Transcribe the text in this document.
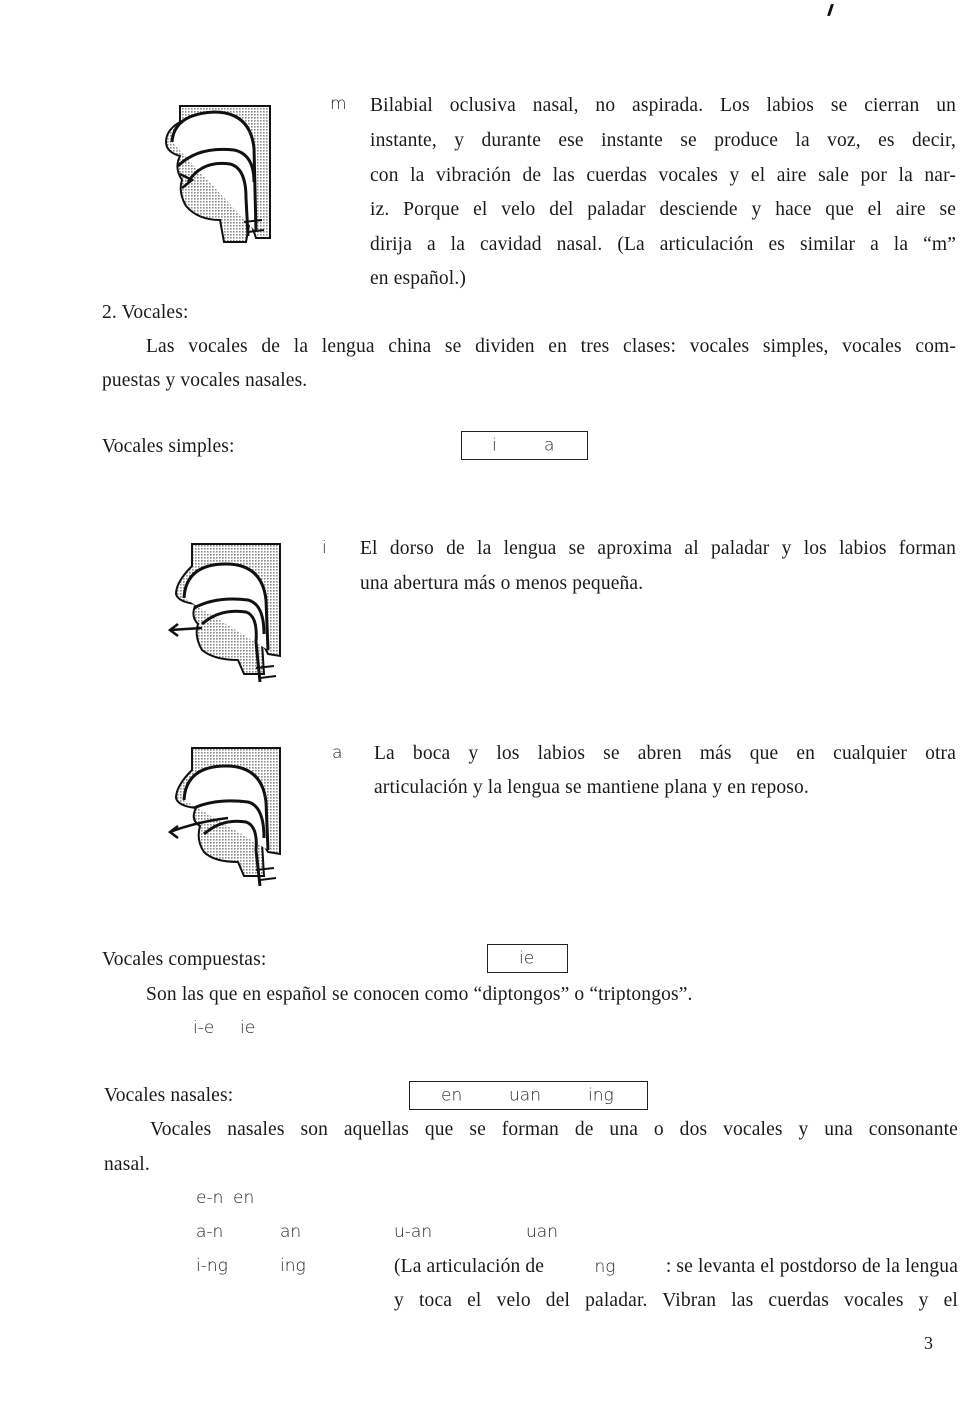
m Bilabial oclusiva nasal, no aspirada. Los labios se cierran un
instante, y durante ese instante se produce la voz, es decir,
con la vibración de las cuerdas vocales y el aire sale por la nar-
iz. Porque el velo del paladar desciende y hace que el aire se
dirija a la cavidad nasal. (La articulación es similar a la “m”
en español.)
2. Vocales:
Las vocales de la lengua china se dividen en tres clases: vocales simples, vocales com-
puestas y vocales nasales.
Vocales simples:	i	a
i El dorso de la lengua se aproxima al paladar y los labios forman
una abertura más o menos pequeña.
a La boca y los labios se abren más que en cualquier otra
articulación y la lengua se mantiene plana y en reposo.
Vocales compuestas:	ie
Son las que en español se conocen como “diptongos” o “triptongos”.
i-e ie
Vocales nasales:	en	uan	ing
Vocales nasales son aquellas que se forman de una o dos vocales y una consonante
nasal.
e-n en
a-n	an	u-an	uan
i-ng	ing	(La articulación de	ng	: se levanta el postdorso de la lengua
y toca el velo del paladar. Vibran las cuerdas vocales y el
3
